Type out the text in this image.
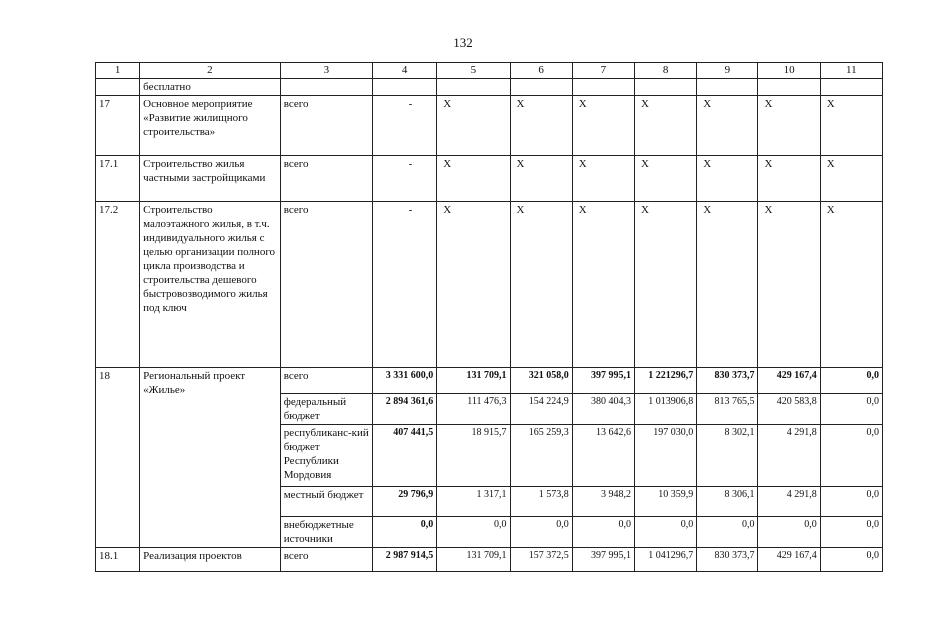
132
1	2	3	4	5	6	7	8	9	10	11
	бесплатно									
17	Основное мероприятие «Развитие жилищного строительства»	всего	-	X	X	X	X	X	X	X
17.1	Строительство жилья частными застройщиками	всего	-	X	X	X	X	X	X	X
17.2	Строительство малоэтажного жилья, в т.ч. индивидуального жилья с целью организации полного цикла производства и строительства дешевого быстровозводимого жилья под ключ	всего	-	X	X	X	X	X	X	X
18	Региональный проект «Жилье»	всего	3 331 600,0	131 709,1	321 058,0	397 995,1	1 221296,7	830 373,7	429 167,4	0,0
		федеральный бюджет	2 894 361,6	111 476,3	154 224,9	380 404,3	1 013906,8	813 765,5	420 583,8	0,0
		республиканс-кий бюджет Республики Мордовия	407 441,5	18 915,7	165 259,3	13 642,6	197 030,0	8 302,1	4 291,8	0,0
		местный бюджет	29 796,9	1 317,1	1 573,8	3 948,2	10 359,9	8 306,1	4 291,8	0,0
		внебюджетные источники	0,0	0,0	0,0	0,0	0,0	0,0	0,0	0,0
18.1	Реализация проектов	всего	2 987 914,5	131 709,1	157 372,5	397 995,1	1 041296,7	830 373,7	429 167,4	0,0
